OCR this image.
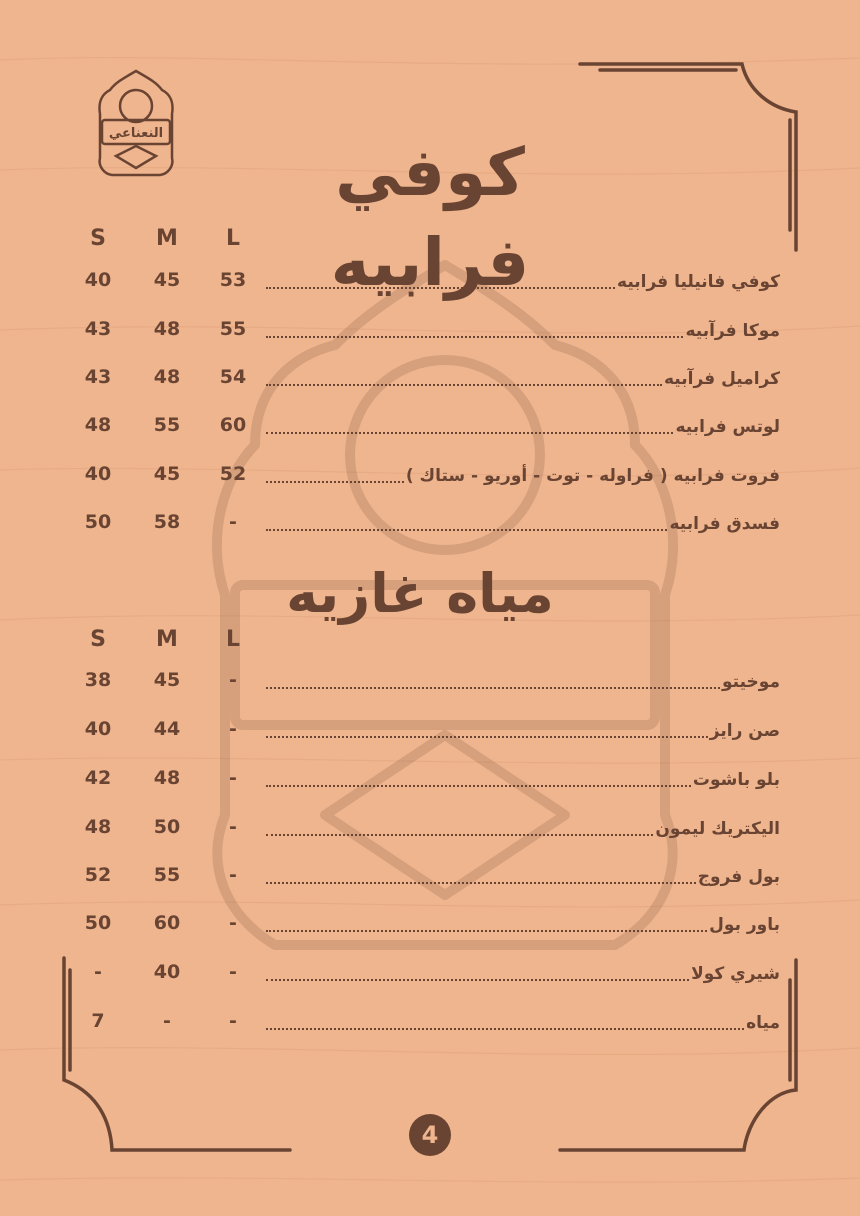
النعناعي
كوفي فرابيه
S	M	L
40	45	53	كوفي فانيليا فرابيه
43	48	55	موكا فرآبيه
43	48	54	كراميل فرآبيه
48	55	60	لوتس فرابيه
40	45	52	فروت فرابيه ( فراوله - توت - أوريو - ستاك )
50	58	-	فسدق فرابيه
مياه غازيه
S	M	L
38	45	-	موخيتو
40	44	-	صن رايز
42	48	-	بلو باشوت
48	50	-	اليكتريك ليمون
52	55	-	بول فروج
50	60	-	باور بول
-	40	-	شيري كولا
7	-	-	مياه
4
